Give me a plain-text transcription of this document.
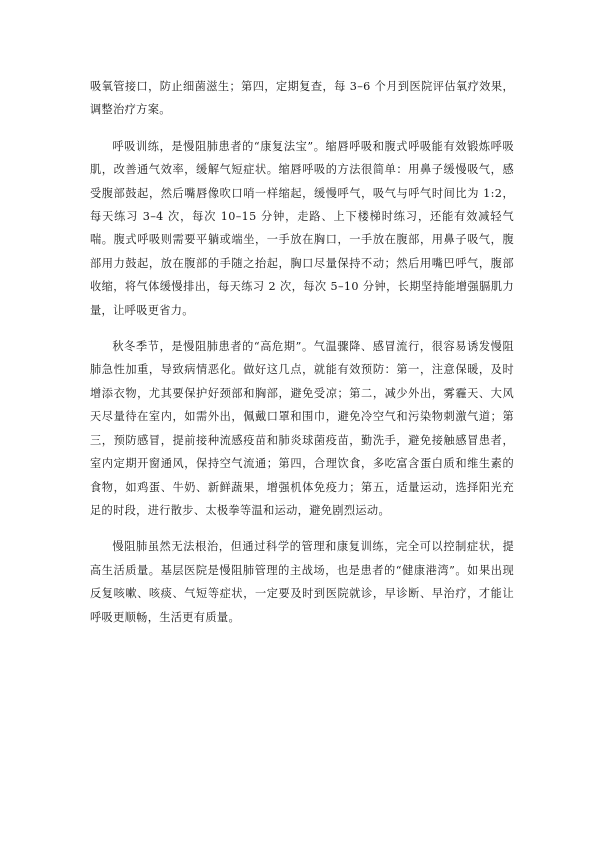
吸氧管接口，防止细菌滋生；第四，定期复查，每 3–6 个月到医院评估氧疗效果，调整治疗方案。

呼吸训练，是慢阻肺患者的“康复法宝”。缩唇呼吸和腹式呼吸能有效锻炼呼吸肌，改善通气效率，缓解气短症状。缩唇呼吸的方法很简单：用鼻子缓慢吸气，感受腹部鼓起，然后嘴唇像吹口哨一样缩起，缓慢呼气，吸气与呼气时间比为 1:2，每天练习 3–4 次，每次 10–15 分钟，走路、上下楼梯时练习，还能有效减轻气喘。腹式呼吸则需要平躺或端坐，一手放在胸口，一手放在腹部，用鼻子吸气，腹部用力鼓起，放在腹部的手随之抬起，胸口尽量保持不动；然后用嘴巴呼气，腹部收缩，将气体缓慢排出，每天练习 2 次，每次 5–10 分钟，长期坚持能增强膈肌力量，让呼吸更省力。

秋冬季节，是慢阻肺患者的“高危期”。气温骤降、感冒流行，很容易诱发慢阻肺急性加重，导致病情恶化。做好这几点，就能有效预防：第一，注意保暖，及时增添衣物，尤其要保护好颈部和胸部，避免受凉；第二，减少外出，雾霾天、大风天尽量待在室内，如需外出，佩戴口罩和围巾，避免冷空气和污染物刺激气道；第三，预防感冒，提前接种流感疫苗和肺炎球菌疫苗，勤洗手，避免接触感冒患者，室内定期开窗通风，保持空气流通；第四，合理饮食，多吃富含蛋白质和维生素的食物，如鸡蛋、牛奶、新鲜蔬果，增强机体免疫力；第五，适量运动，选择阳光充足的时段，进行散步、太极拳等温和运动，避免剧烈运动。

慢阻肺虽然无法根治，但通过科学的管理和康复训练，完全可以控制症状，提高生活质量。基层医院是慢阻肺管理的主战场，也是患者的“健康港湾”。如果出现反复咳嗽、咳痰、气短等症状，一定要及时到医院就诊，早诊断、早治疗，才能让呼吸更顺畅，生活更有质量。
